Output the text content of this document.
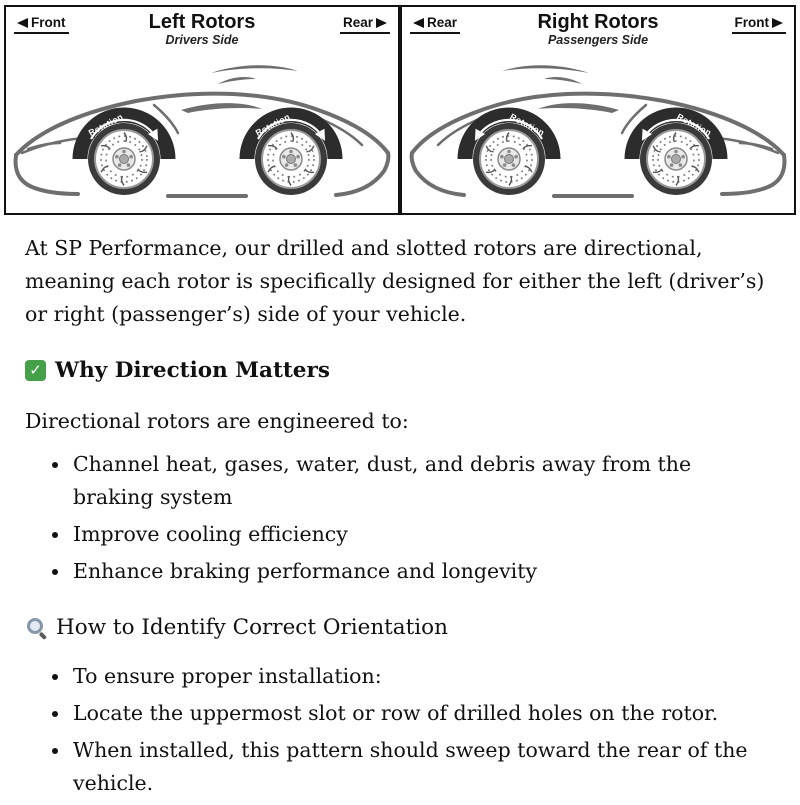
Front	Left Rotors
Drivers Side
Rear
Rotation	Rotation
Rear	Right Rotors
Passengers Side
Front
Rotation
Rotation

At SP Performance, our drilled and slotted rotors are directional, meaning each rotor is specifically designed for either the left (driver’s) or right (passenger’s) side of your vehicle.

✓ Why Direction Matters

Directional rotors are engineered to:

• Channel heat, gases, water, dust, and debris away from the braking system
• Improve cooling efficiency
• Enhance braking performance and longevity
How to Identify Correct Orientation
• To ensure proper installation:
• Locate the uppermost slot or row of drilled holes on the rotor.
• When installed, this pattern should sweep toward the rear of the vehicle.
